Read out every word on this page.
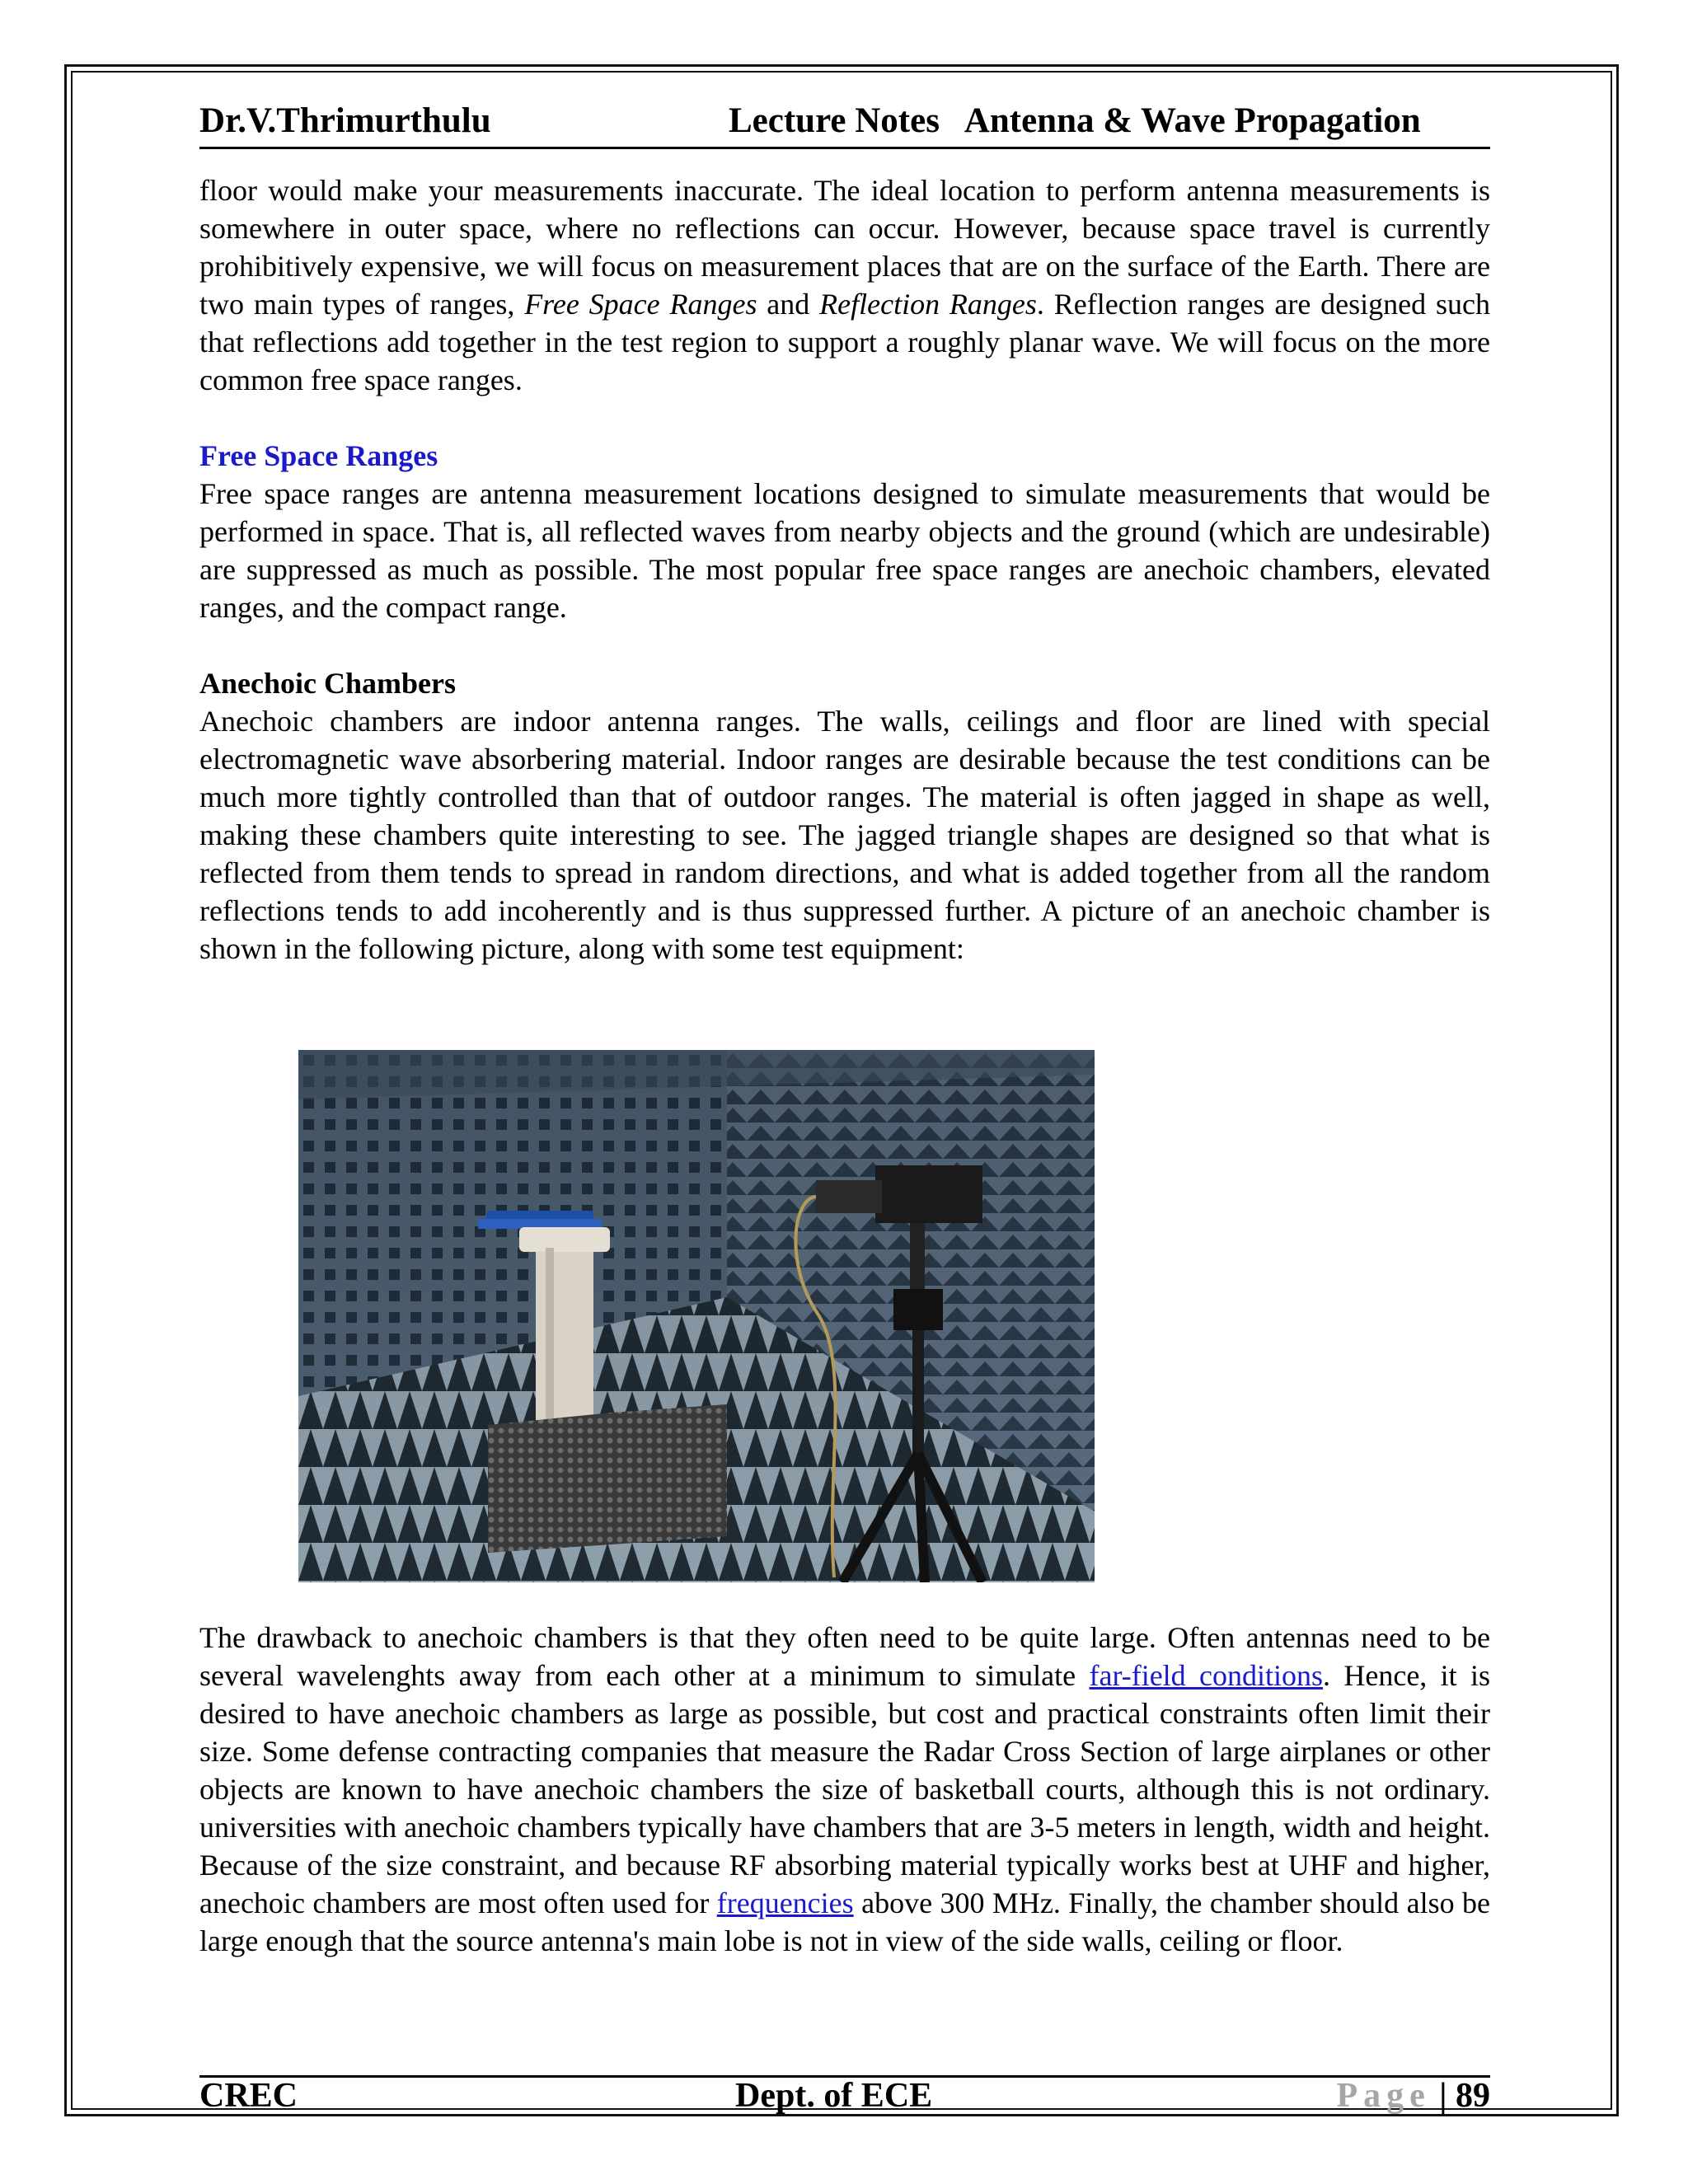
Dr.V.Thrimurthulu	Lecture Notes   Antenna & Wave Propagation

floor would make your measurements inaccurate. The ideal location to perform antenna measurements is somewhere in outer space, where no reflections can occur. However, because space travel is currently prohibitively expensive, we will focus on measurement places that are on the surface of the Earth. There are two main types of ranges, Free Space Ranges and Reflection Ranges. Reflection ranges are designed such that reflections add together in the test region to support a roughly planar wave. We will focus on the more common free space ranges.

Free Space Ranges

Free space ranges are antenna measurement locations designed to simulate measurements that would be performed in space. That is, all reflected waves from nearby objects and the ground (which are undesirable) are suppressed as much as possible. The most popular free space ranges are anechoic chambers, elevated ranges, and the compact range.

Anechoic Chambers

Anechoic chambers are indoor antenna ranges. The walls, ceilings and floor are lined with special electromagnetic wave absorbering material. Indoor ranges are desirable because the test conditions can be much more tightly controlled than that of outdoor ranges. The material is often jagged in shape as well, making these chambers quite interesting to see. The jagged triangle shapes are designed so that what is reflected from them tends to spread in random directions, and what is added together from all the random reflections tends to add incoherently and is thus suppressed further. A picture of an anechoic chamber is shown in the following picture, along with some test equipment:

The drawback to anechoic chambers is that they often need to be quite large. Often antennas need to be several wavelenghts away from each other at a minimum to simulate far-field conditions. Hence, it is desired to have anechoic chambers as large as possible, but cost and practical constraints often limit their size. Some defense contracting companies that measure the Radar Cross Section of large airplanes or other objects are known to have anechoic chambers the size of basketball courts, although this is not ordinary. universities with anechoic chambers typically have chambers that are 3-5 meters in length, width and height. Because of the size constraint, and because RF absorbing material typically works best at UHF and higher, anechoic chambers are most often used for frequencies above 300 MHz. Finally, the chamber should also be large enough that the source antenna's main lobe is not in view of the side walls, ceiling or floor.

CREC	Dept. of ECE	Page | 89
